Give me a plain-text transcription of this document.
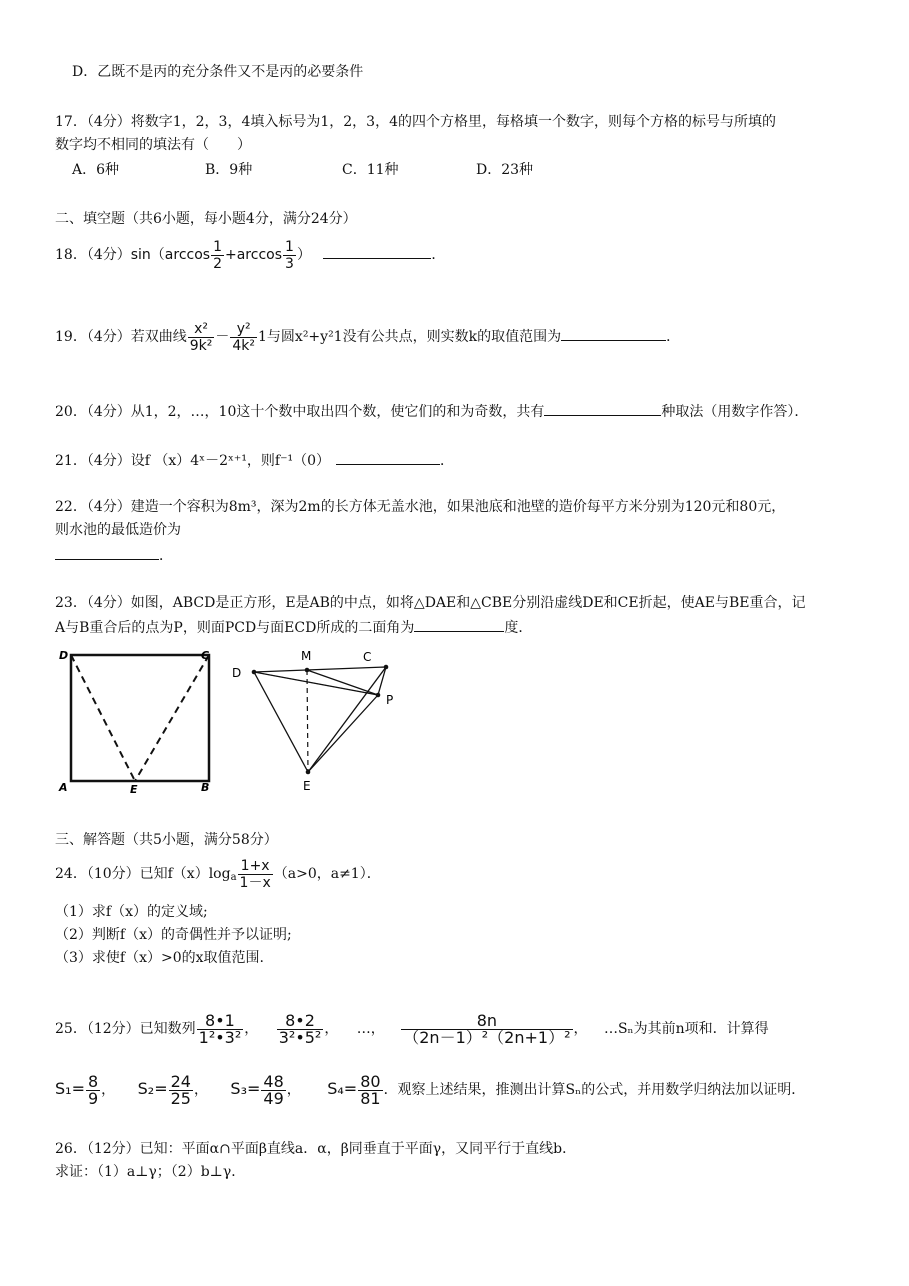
D．乙既不是丙的充分条件又不是丙的必要条件
17．（4分）将数字1，2，3，4填入标号为1，2，3，4的四个方格里，每格填一个数字，则每个方格的标号与所填的
数字均不相同的填法有（　　）
A．6种	B．9种	C．11种	D．23种
二、填空题（共6小题，每小题4分，满分24分）
18．（4分）$\sin(\arccos \frac{1}{2} +\arccos \frac{1}{3}$ ）	．
19．（4分）若双曲线 $\frac{\text{x²}}{\text{9k²}} - \frac{\text{y²}}{\text{4k²}} 1$与圆x²+y²1没有公共点，则实数k的取值范围为	．
20．（4分）从1，2，…，10这十个数中取出四个数，使它们的和为奇数，共有	种取法（用数字作答）．
21．（4分）设f （x）4ˣ－2ˣ⁺¹，则f⁻¹（0）	．
22．（4分）建造一个容积为8m³，深为2m的长方体无盖水池，如果池底和池壁的造价每平方米分别为120元和80元，
则水池的最低造价为
．
23．（4分）如图，ABCD是正方形，E是AB的中点，如将△DAE和△CBE分别沿虚线DE和CE折起，使AE与BE重合，记
A与B重合后的点为P，则面PCD与面ECD所成的二面角为	度．
D	C
A	E	B
D
M	C
P
E
三、解答题（共5小题，满分58分）
24．（10分）已知$f(x)\log a \frac{1+x}{1-x} (a>0$，a≠1）．
（1）求f（x）的定义域;
（2）判断f（x）的奇偶性并予以证明;
（3）求使f（x）>0的x取值范围.
25．（12分）已知数列 $\frac{8•1}{\text{1²•3²}}$ ， $\frac{8•2}{\text{3²•5²}}$ ， …， $\frac{8n}{\text{（2n－1）²（2n+1）²}}$ ， …Sₙ为其前n项和．计算得
$S_1= \frac{8}{9}$ ， $S_2= \frac{24}{25}$ ， $S_3= \frac{48}{49}$ ， $S_4= \frac{80}{81}$ ．观察上述结果，推测出计算Sₙ的公式，并用数学归纳法加以证明．
26．（12分）已知：平面α∩平面β直线a．α，β同垂直于平面γ，又同平行于直线b．
求证：（1）a⊥γ；（2）b⊥γ．
